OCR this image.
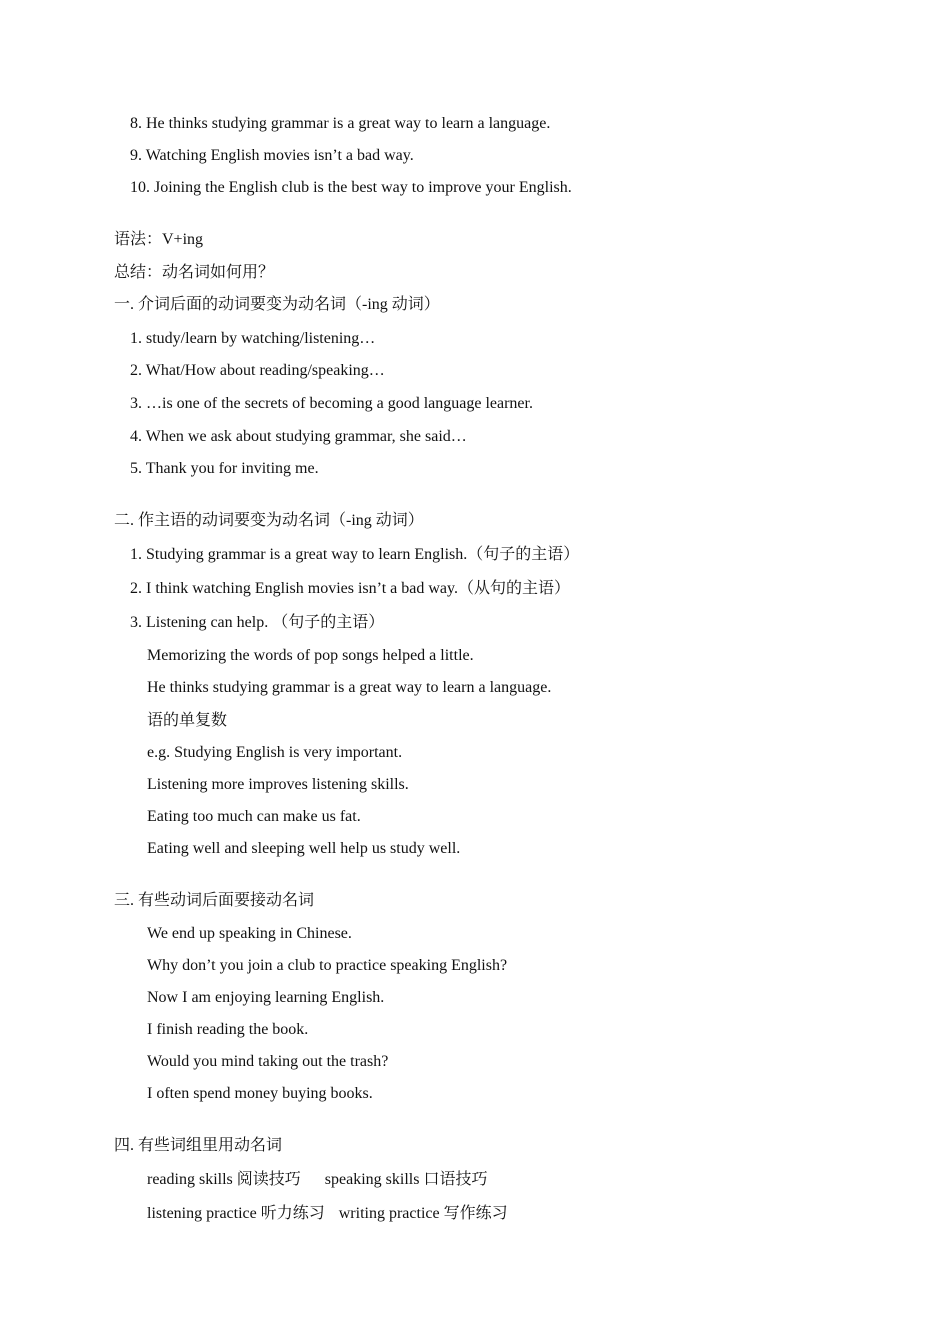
8. He thinks studying grammar is a great way to learn a language.

9. Watching English movies isn’t a bad way.

10. Joining the English club is the best way to improve your English.

语法：V+ing

总结：动名词如何用？

一. 介词后面的动词要变为动名词（-ing 动词）

1. study/learn by watching/listening…

2. What/How about reading/speaking…

3. …is one of the secrets of becoming a good language learner.

4. When we ask about studying grammar, she said…

5. Thank you for inviting me.

二. 作主语的动词要变为动名词（-ing 动词）

1. Studying grammar is a great way to learn English.（句子的主语）

2. I think watching English movies isn’t a bad way.（从句的主语）

3. Listening can help. （句子的主语）

Memorizing the words of pop songs helped a little.

He thinks studying grammar is a great way to learn a language.

语的单复数

e.g. Studying English is very important.

Listening more improves listening skills.

Eating too much can make us fat.

Eating well and sleeping well help us study well.

三. 有些动词后面要接动名词

We end up speaking in Chinese.

Why don’t you join a club to practice speaking English?

Now I am enjoying learning English.

I finish reading the book.

Would you mind taking out the trash?

I often spend money buying books.

四. 有些词组里用动名词

reading skills 阅读技巧 speaking skills 口语技巧

listening practice 听力练习 writing practice 写作练习
